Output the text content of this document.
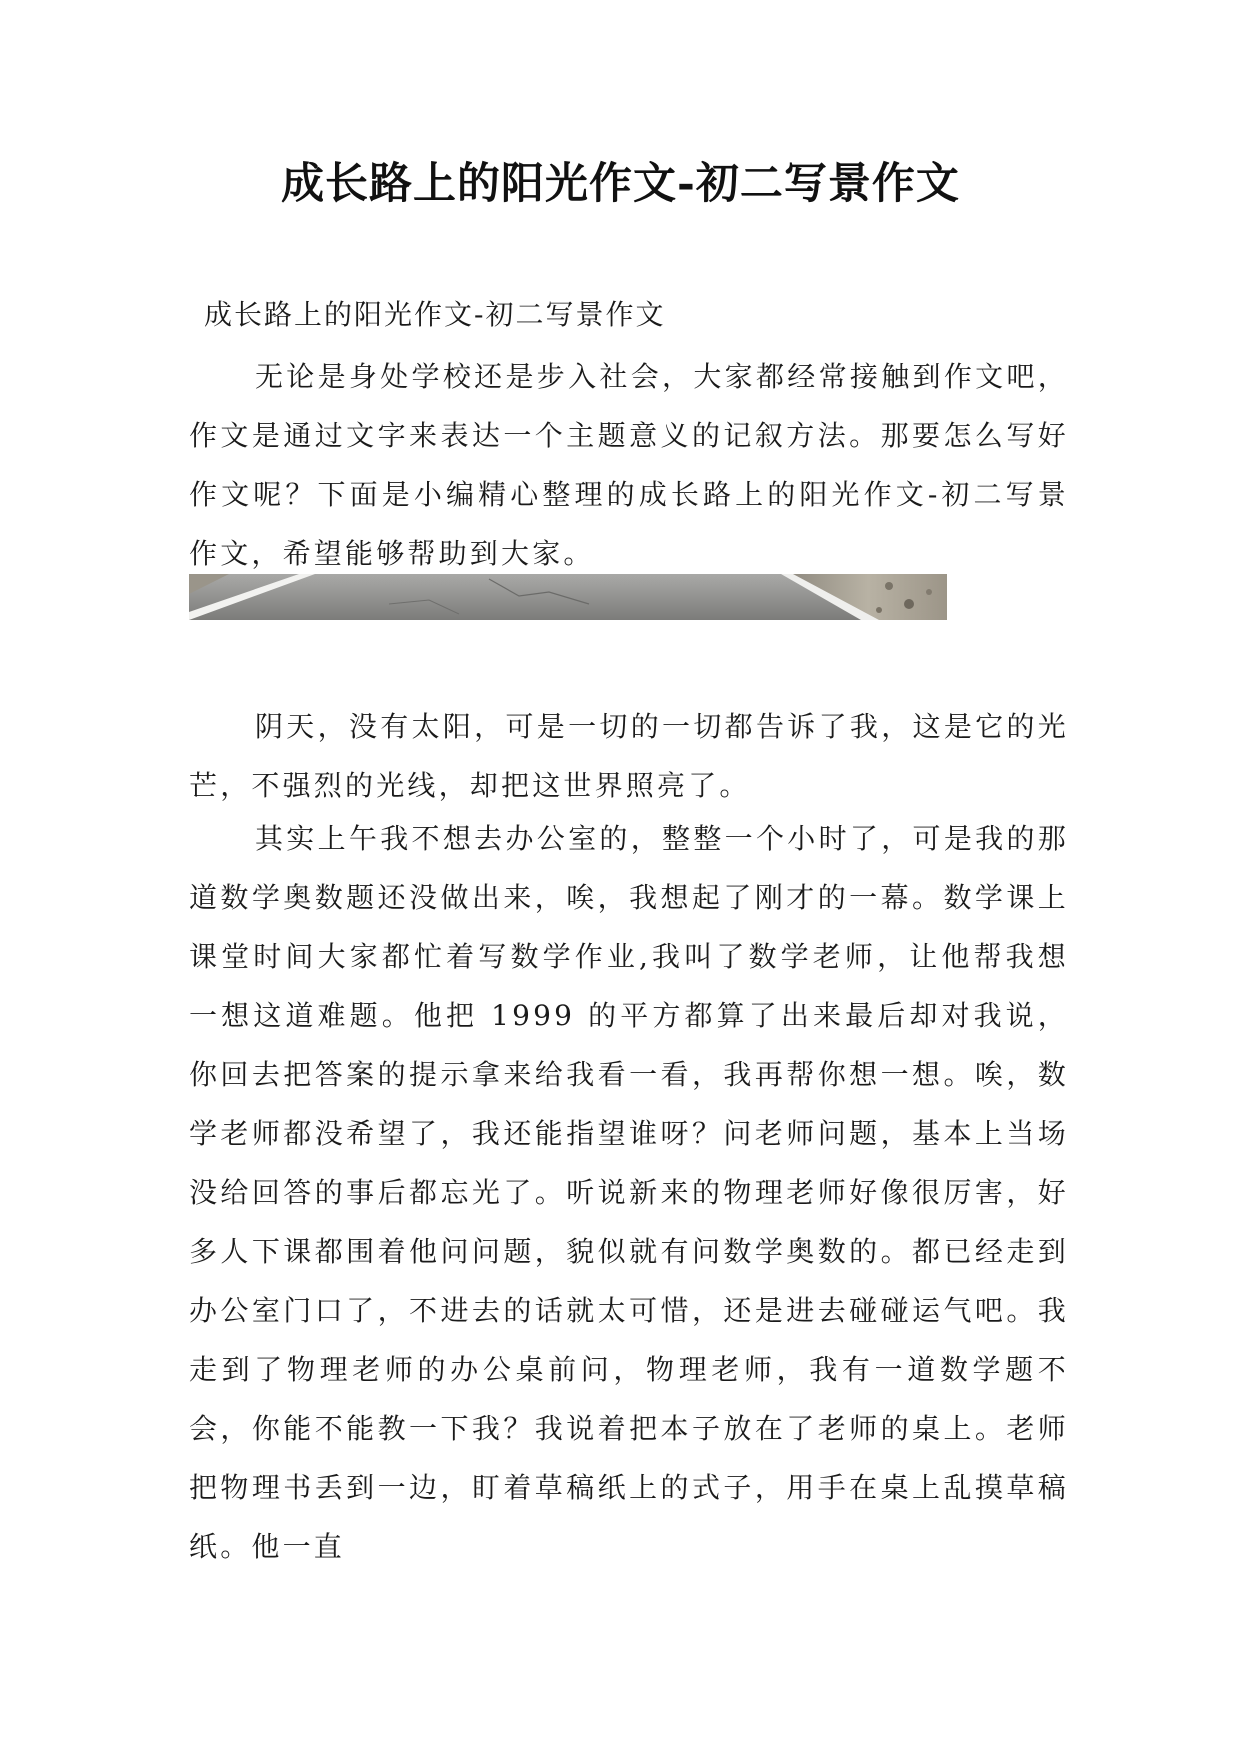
成长路上的阳光作文-初二写景作文

成长路上的阳光作文-初二写景作文

无论是身处学校还是步入社会，大家都经常接触到作文吧，作文是通过文字来表达一个主题意义的记叙方法。那要怎么写好作文呢？下面是小编精心整理的成长路上的阳光作文-初二写景作文，希望能够帮助到大家。

阴天，没有太阳，可是一切的一切都告诉了我，这是它的光芒，不强烈的光线，却把这世界照亮了。

其实上午我不想去办公室的，整整一个小时了，可是我的那道数学奥数题还没做出来，唉，我想起了刚才的一幕。数学课上课堂时间大家都忙着写数学作业,我叫了数学老师，让他帮我想一想这道难题。他把 1999 的平方都算了出来最后却对我说，你回去把答案的提示拿来给我看一看，我再帮你想一想。唉，数学老师都没希望了，我还能指望谁呀？问老师问题，基本上当场没给回答的事后都忘光了。听说新来的物理老师好像很厉害，好多人下课都围着他问问题，貌似就有问数学奥数的。都已经走到办公室门口了，不进去的话就太可惜，还是进去碰碰运气吧。我走到了物理老师的办公桌前问，物理老师，我有一道数学题不会，你能不能教一下我？我说着把本子放在了老师的桌上。老师把物理书丢到一边，盯着草稿纸上的式子，用手在桌上乱摸草稿纸。他一直
